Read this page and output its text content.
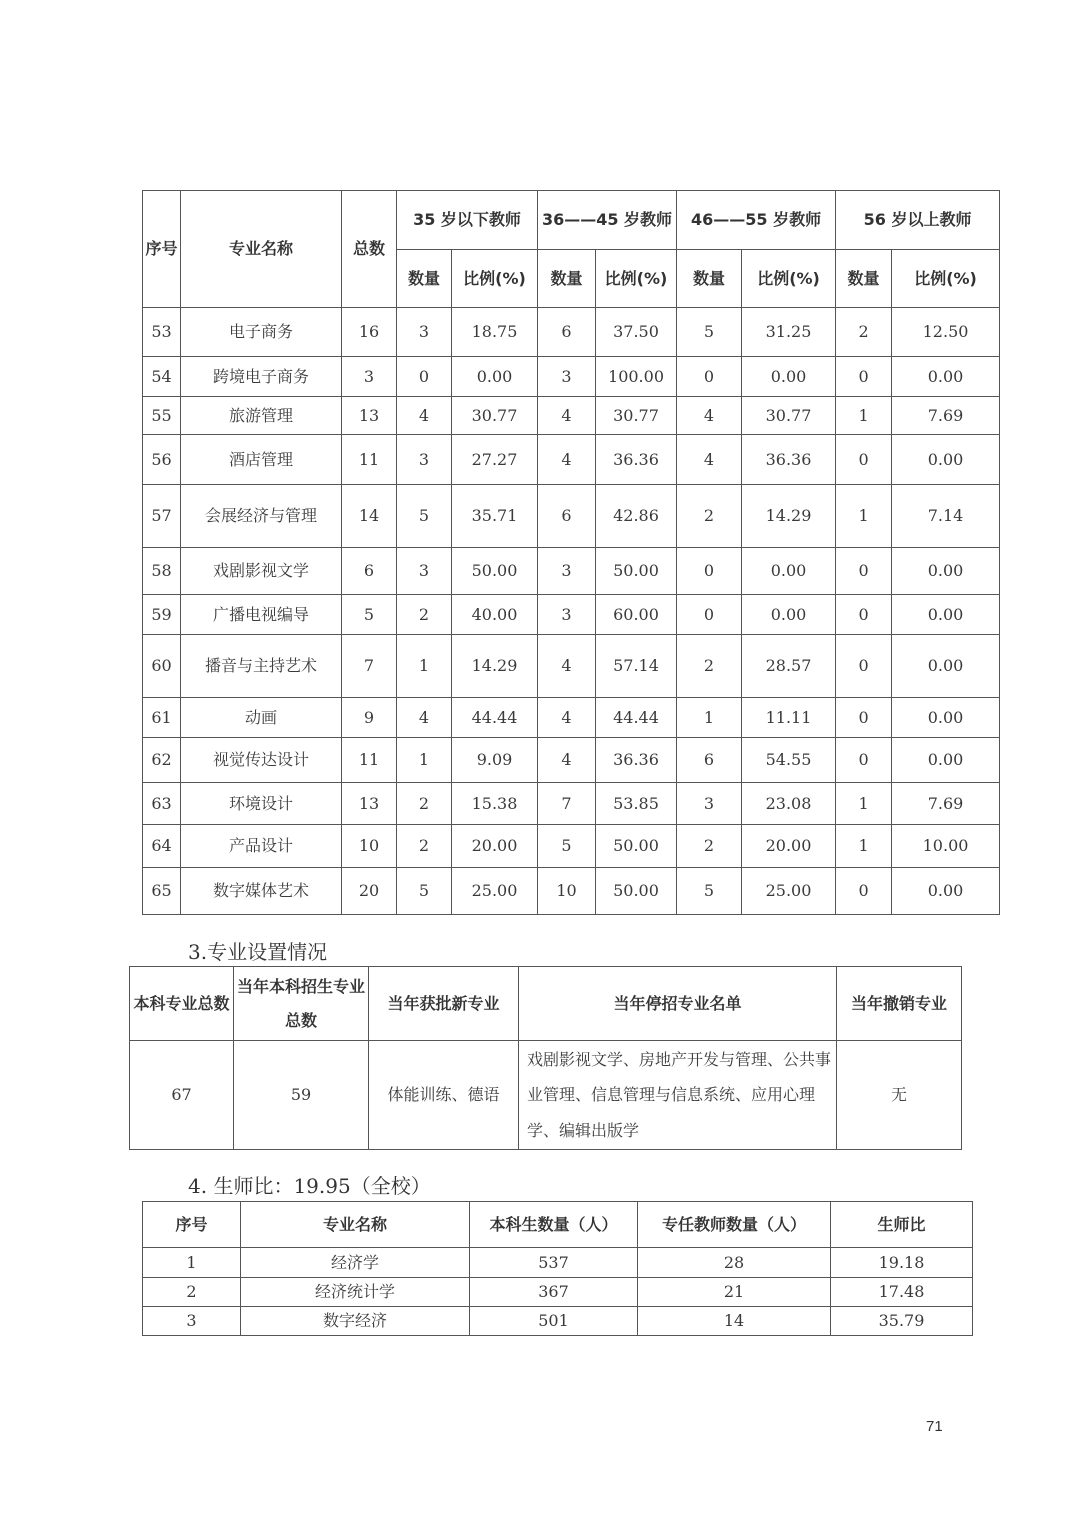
序号	专业名称	总数	35 岁以下教师		36——45 岁教师		46——55 岁教师		56 岁以上教师	
			数量	比例(%)	数量	比例(%)	数量	比例(%)	数量	比例(%)
53	电子商务	16	3	18.75	6	37.50	5	31.25	2	12.50
54	跨境电子商务	3	0	0.00	3	100.00	0	0.00	0	0.00
55	旅游管理	13	4	30.77	4	30.77	4	30.77	1	7.69
56	酒店管理	11	3	27.27	4	36.36	4	36.36	0	0.00
57	会展经济与管理	14	5	35.71	6	42.86	2	14.29	1	7.14
58	戏剧影视文学	6	3	50.00	3	50.00	0	0.00	0	0.00
59	广播电视编导	5	2	40.00	3	60.00	0	0.00	0	0.00
60	播音与主持艺术	7	1	14.29	4	57.14	2	28.57	0	0.00
61	动画	9	4	44.44	4	44.44	1	11.11	0	0.00
62	视觉传达设计	11	1	9.09	4	36.36	6	54.55	0	0.00
63	环境设计	13	2	15.38	7	53.85	3	23.08	1	7.69
64	产品设计	10	2	20.00	5	50.00	2	20.00	1	10.00
65	数字媒体艺术	20	5	25.00	10	50.00	5	25.00	0	0.00
3.专业设置情况
本科专业总数	当年本科招生专业总数	当年获批新专业	当年停招专业名单	当年撤销专业
67	59	体能训练、德语	戏剧影视文学、房地产开发与管理、公共事业管理、信息管理与信息系统、应用心理学、编辑出版学	无
4. 生师比：19.95（全校）
序号	专业名称	本科生数量（人）	专任教师数量（人）	生师比
1	经济学	537	28	19.18
2	经济统计学	367	21	17.48
3	数字经济	501	14	35.79
71
